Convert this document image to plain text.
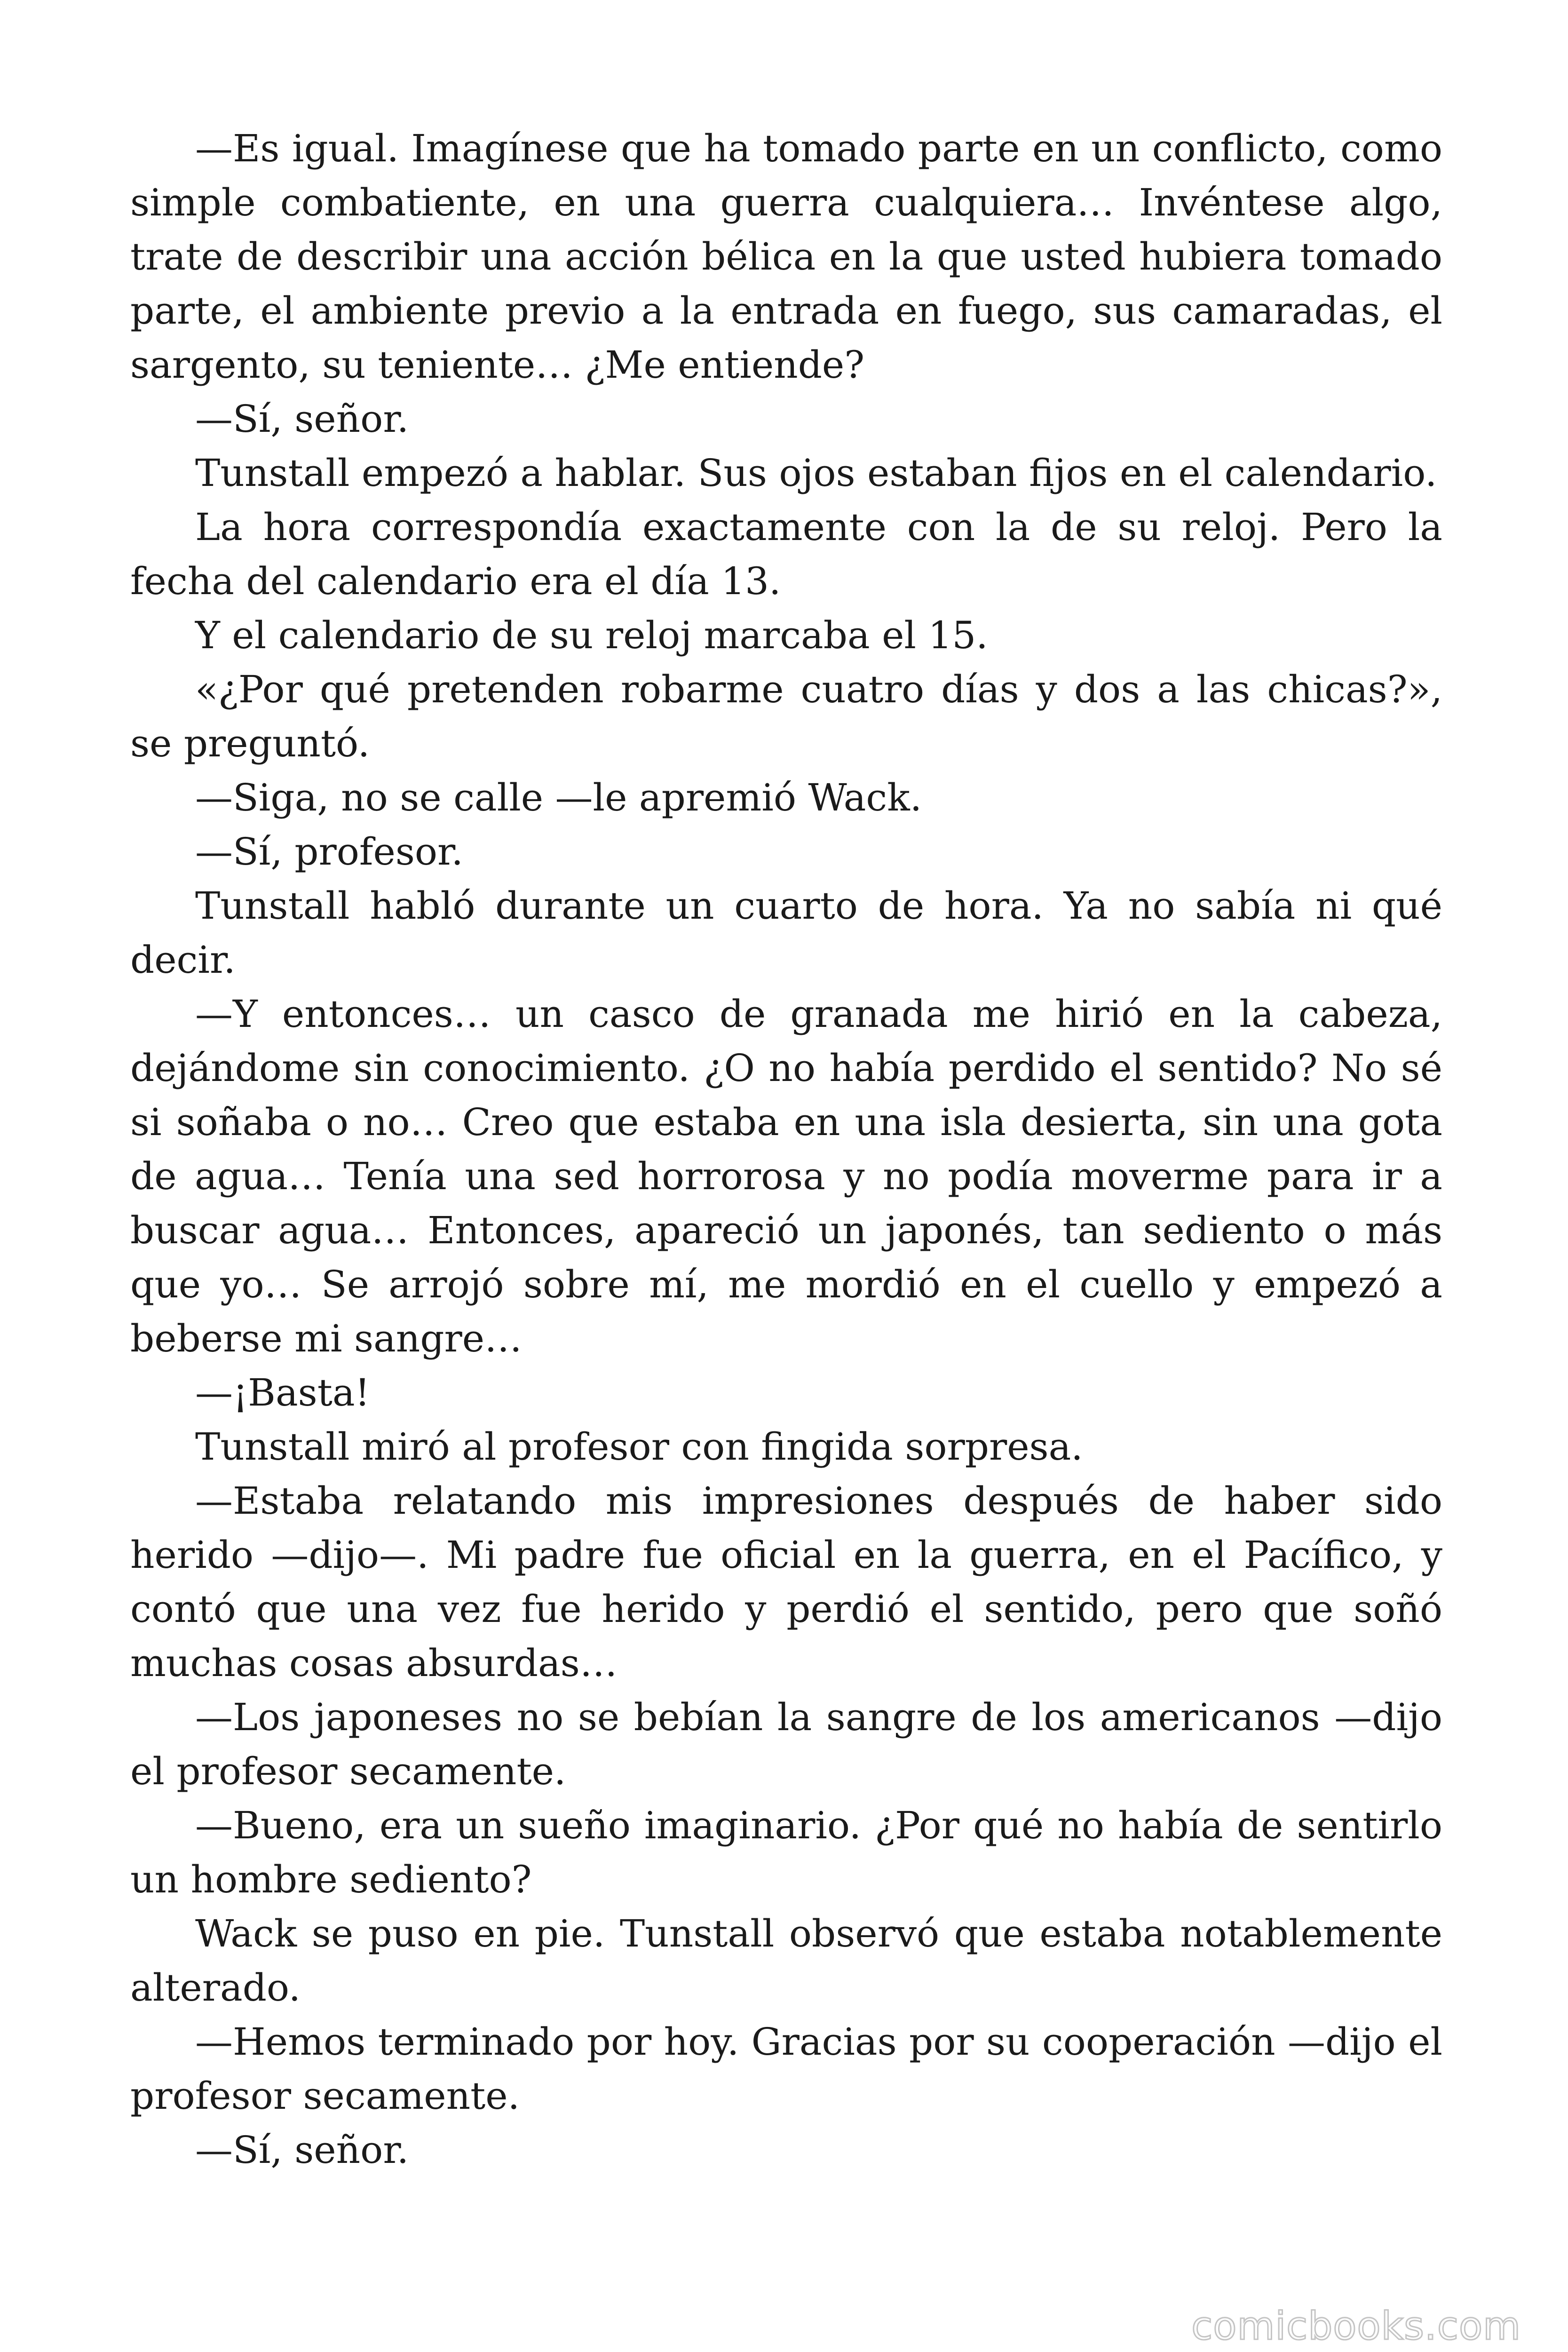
—Es igual. Imagínese que ha tomado parte en un conflicto, como simple combatiente, en una guerra cualquiera… Invéntese algo, trate de describir una acción bélica en la que usted hubiera tomado parte, el ambiente previo a la entrada en fuego, sus camaradas, el sargento, su teniente… ¿Me entiende?

—Sí, señor.

Tunstall empezó a hablar. Sus ojos estaban fijos en el calendario.

La hora correspondía exactamente con la de su reloj. Pero la fecha del calendario era el día 13.

Y el calendario de su reloj marcaba el 15.

«¿Por qué pretenden robarme cuatro días y dos a las chicas?», se preguntó.

—Siga, no se calle —le apremió Wack.

—Sí, profesor.

Tunstall habló durante un cuarto de hora. Ya no sabía ni qué decir.

—Y entonces… un casco de granada me hirió en la cabeza, dejándome sin conocimiento. ¿O no había perdido el sentido? No sé si soñaba o no… Creo que estaba en una isla desierta, sin una gota de agua… Tenía una sed horrorosa y no podía moverme para ir a buscar agua… Entonces, apareció un japonés, tan sediento o más que yo… Se arrojó sobre mí, me mordió en el cuello y empezó a beberse mi sangre…

—¡Basta!

Tunstall miró al profesor con fingida sorpresa.

—Estaba relatando mis impresiones después de haber sido herido —dijo—. Mi padre fue oficial en la guerra, en el Pacífico, y contó que una vez fue herido y perdió el sentido, pero que soñó muchas cosas absurdas…

—Los japoneses no se bebían la sangre de los americanos —dijo el profesor secamente.

—Bueno, era un sueño imaginario. ¿Por qué no había de sentirlo un hombre sediento?

Wack se puso en pie. Tunstall observó que estaba notablemente alterado.

—Hemos terminado por hoy. Gracias por su cooperación —dijo el profesor secamente.

—Sí, señor.

comicbooks.com
